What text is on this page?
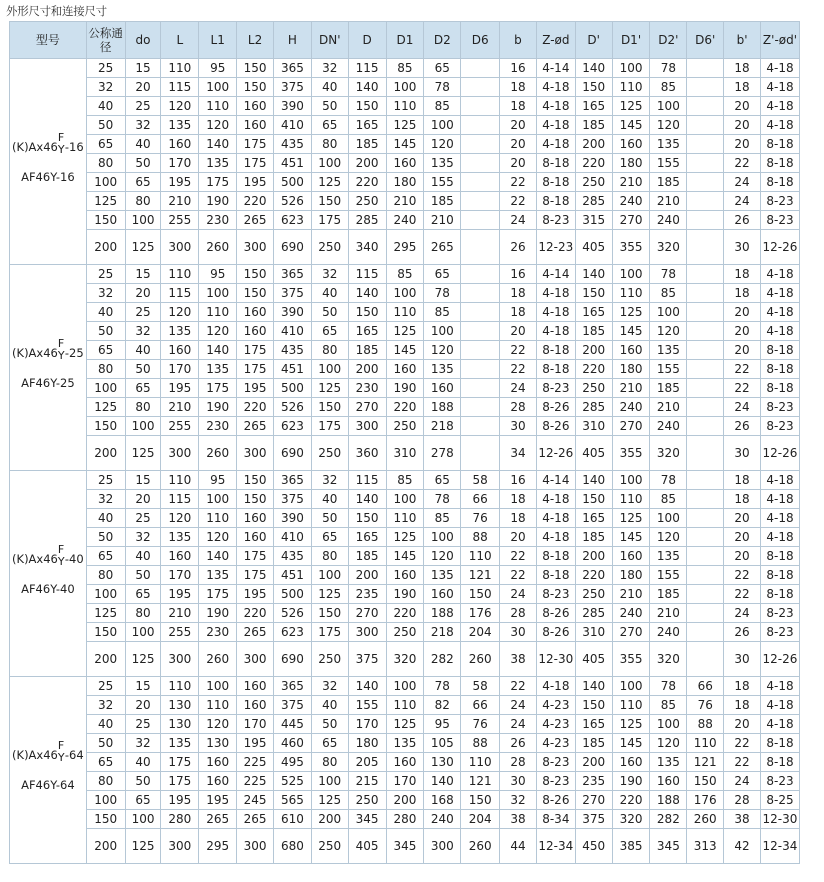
外形尺寸和连接尺寸
型号	公称通径	do	L	L1	L2	H	DN'	D	D1	D2	D6	b	Z-ød	D'	D1'	D2'	D6'	b'	Z'-ød'

(K)Ax46
F
Y -16
AF46Y-16	25	15	110	95	150	365	32	115	85	65		16	4-14	140	100	78		18	4-18
	32	20	115	100	150	375	40	140	100	78		18	4-18	150	110	85		18	4-18
	40	25	120	110	160	390	50	150	110	85		18	4-18	165	125	100		20	4-18
	50	32	135	120	160	410	65	165	125	100		20	4-18	185	145	120		20	4-18
	65	40	160	140	175	435	80	185	145	120		20	4-18	200	160	135		20	8-18
	80	50	170	135	175	451	100	200	160	135		20	8-18	220	180	155		22	8-18
	100	65	195	175	195	500	125	220	180	155		22	8-18	250	210	185		24	8-18
	125	80	210	190	220	526	150	250	210	185		22	8-18	285	240	210		24	8-23
	150	100	255	230	265	623	175	285	240	210		24	8-23	315	270	240		26	8-23
	200	125	300	260	300	690	250	340	295	265		26	12-23	405	355	320		30	12-26

(K)Ax46
F
Y -25
AF46Y-25	25	15	110	95	150	365	32	115	85	65		16	4-14	140	100	78		18	4-18
	32	20	115	100	150	375	40	140	100	78		18	4-18	150	110	85		18	4-18
	40	25	120	110	160	390	50	150	110	85		18	4-18	165	125	100		20	4-18
	50	32	135	120	160	410	65	165	125	100		20	4-18	185	145	120		20	4-18
	65	40	160	140	175	435	80	185	145	120		22	8-18	200	160	135		20	8-18
	80	50	170	135	175	451	100	200	160	135		22	8-18	220	180	155		22	8-18
	100	65	195	175	195	500	125	230	190	160		24	8-23	250	210	185		22	8-18
	125	80	210	190	220	526	150	270	220	188		28	8-26	285	240	210		24	8-23
	150	100	255	230	265	623	175	300	250	218		30	8-26	310	270	240		26	8-23
	200	125	300	260	300	690	250	360	310	278		34	12-26	405	355	320		30	12-26

(K)Ax46
F
Y -40
AF46Y-40	25	15	110	95	150	365	32	115	85	65	58	16	4-14	140	100	78		18	4-18
	32	20	115	100	150	375	40	140	100	78	66	18	4-18	150	110	85		18	4-18
	40	25	120	110	160	390	50	150	110	85	76	18	4-18	165	125	100		20	4-18
	50	32	135	120	160	410	65	165	125	100	88	20	4-18	185	145	120		20	4-18
	65	40	160	140	175	435	80	185	145	120	110	22	8-18	200	160	135		20	8-18
	80	50	170	135	175	451	100	200	160	135	121	22	8-18	220	180	155		22	8-18
	100	65	195	175	195	500	125	235	190	160	150	24	8-23	250	210	185		22	8-18
	125	80	210	190	220	526	150	270	220	188	176	28	8-26	285	240	210		24	8-23
	150	100	255	230	265	623	175	300	250	218	204	30	8-26	310	270	240		26	8-23
	200	125	300	260	300	690	250	375	320	282	260	38	12-30	405	355	320		30	12-26

(K)Ax46
F
Y -64
AF46Y-64	25	15	110	100	160	365	32	140	100	78	58	22	4-18	140	100	78	66	18	4-18
	32	20	130	110	160	375	40	155	110	82	66	24	4-23	150	110	85	76	18	4-18
	40	25	130	120	170	445	50	170	125	95	76	24	4-23	165	125	100	88	20	4-18
	50	32	135	130	195	460	65	180	135	105	88	26	4-23	185	145	120	110	22	8-18
	65	40	175	160	225	495	80	205	160	130	110	28	8-23	200	160	135	121	22	8-18
	80	50	175	160	225	525	100	215	170	140	121	30	8-23	235	190	160	150	24	8-23
	100	65	195	195	245	565	125	250	200	168	150	32	8-26	270	220	188	176	28	8-25
	150	100	280	265	265	610	200	345	280	240	204	38	8-34	375	320	282	260	38	12-30
	200	125	300	295	300	680	250	405	345	300	260	44	12-34	450	385	345	313	42	12-34
